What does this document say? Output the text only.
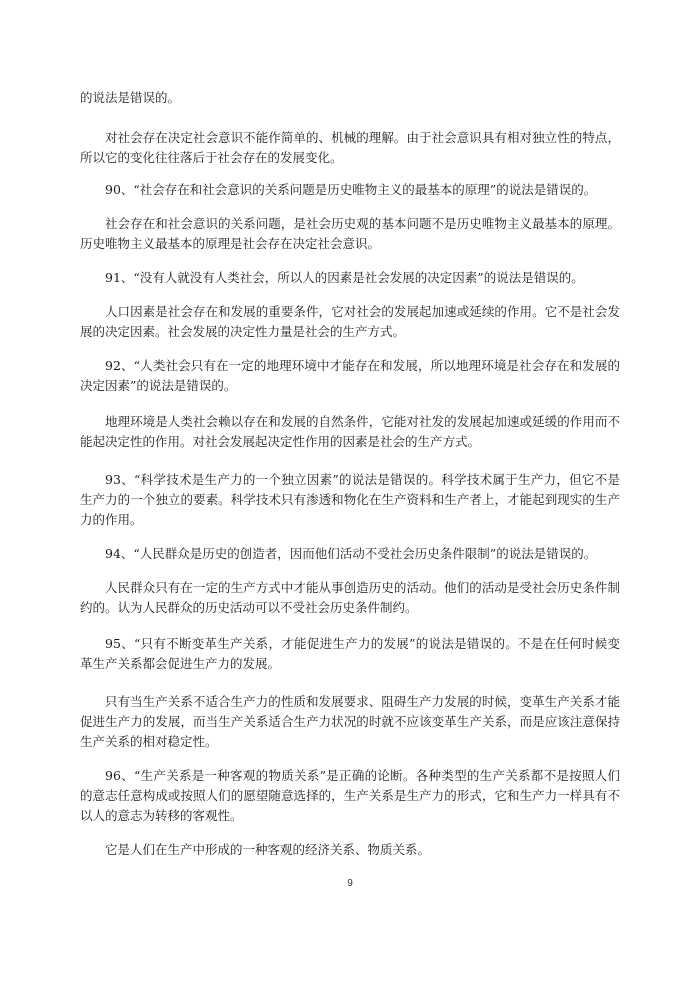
的说法是错误的。

对社会存在决定社会意识不能作简单的、机械的理解。由于社会意识具有相对独立性的特点，所以它的变化往往落后于社会存在的发展变化。

90、“社会存在和社会意识的关系问题是历史唯物主义的最基本的原理”的说法是错误的。

社会存在和社会意识的关系问题，是社会历史观的基本问题不是历史唯物主义最基本的原理。历史唯物主义最基本的原理是社会存在决定社会意识。

91、“没有人就没有人类社会，所以人的因素是社会发展的决定因素”的说法是错误的。

人口因素是社会存在和发展的重要条件，它对社会的发展起加速或延续的作用。它不是社会发展的决定因素。社会发展的决定性力量是社会的生产方式。

92、“人类社会只有在一定的地理环境中才能存在和发展，所以地理环境是社会存在和发展的决定因素”的说法是错误的。

地理环境是人类社会赖以存在和发展的自然条件，它能对社发的发展起加速或延缓的作用而不能起决定性的作用。对社会发展起决定性作用的因素是社会的生产方式。

93、“科学技术是生产力的一个独立因素”的说法是错误的。科学技术属于生产力，但它不是生产力的一个独立的要素。科学技术只有渗透和物化在生产资料和生产者上，才能起到现实的生产力的作用。

94、“人民群众是历史的创造者，因而他们活动不受社会历史条件限制”的说法是错误的。

人民群众只有在一定的生产方式中才能从事创造历史的活动。他们的活动是受社会历史条件制约的。认为人民群众的历史活动可以不受社会历史条件制约。

95、“只有不断变革生产关系，才能促进生产力的发展”的说法是错误的。不是在任何时候变革生产关系都会促进生产力的发展。

只有当生产关系不适合生产力的性质和发展要求、阻碍生产力发展的时候，变革生产关系才能促进生产力的发展，而当生产关系适合生产力状况的时就不应该变革生产关系，而是应该注意保持生产关系的相对稳定性。

96、“生产关系是一种客观的物质关系”是正确的论断。各种类型的生产关系都不是按照人们的意志任意构成或按照人们的愿望随意选择的，生产关系是生产力的形式，它和生产力一样具有不以人的意志为转移的客观性。

它是人们在生产中形成的一种客观的经济关系、物质关系。

9
